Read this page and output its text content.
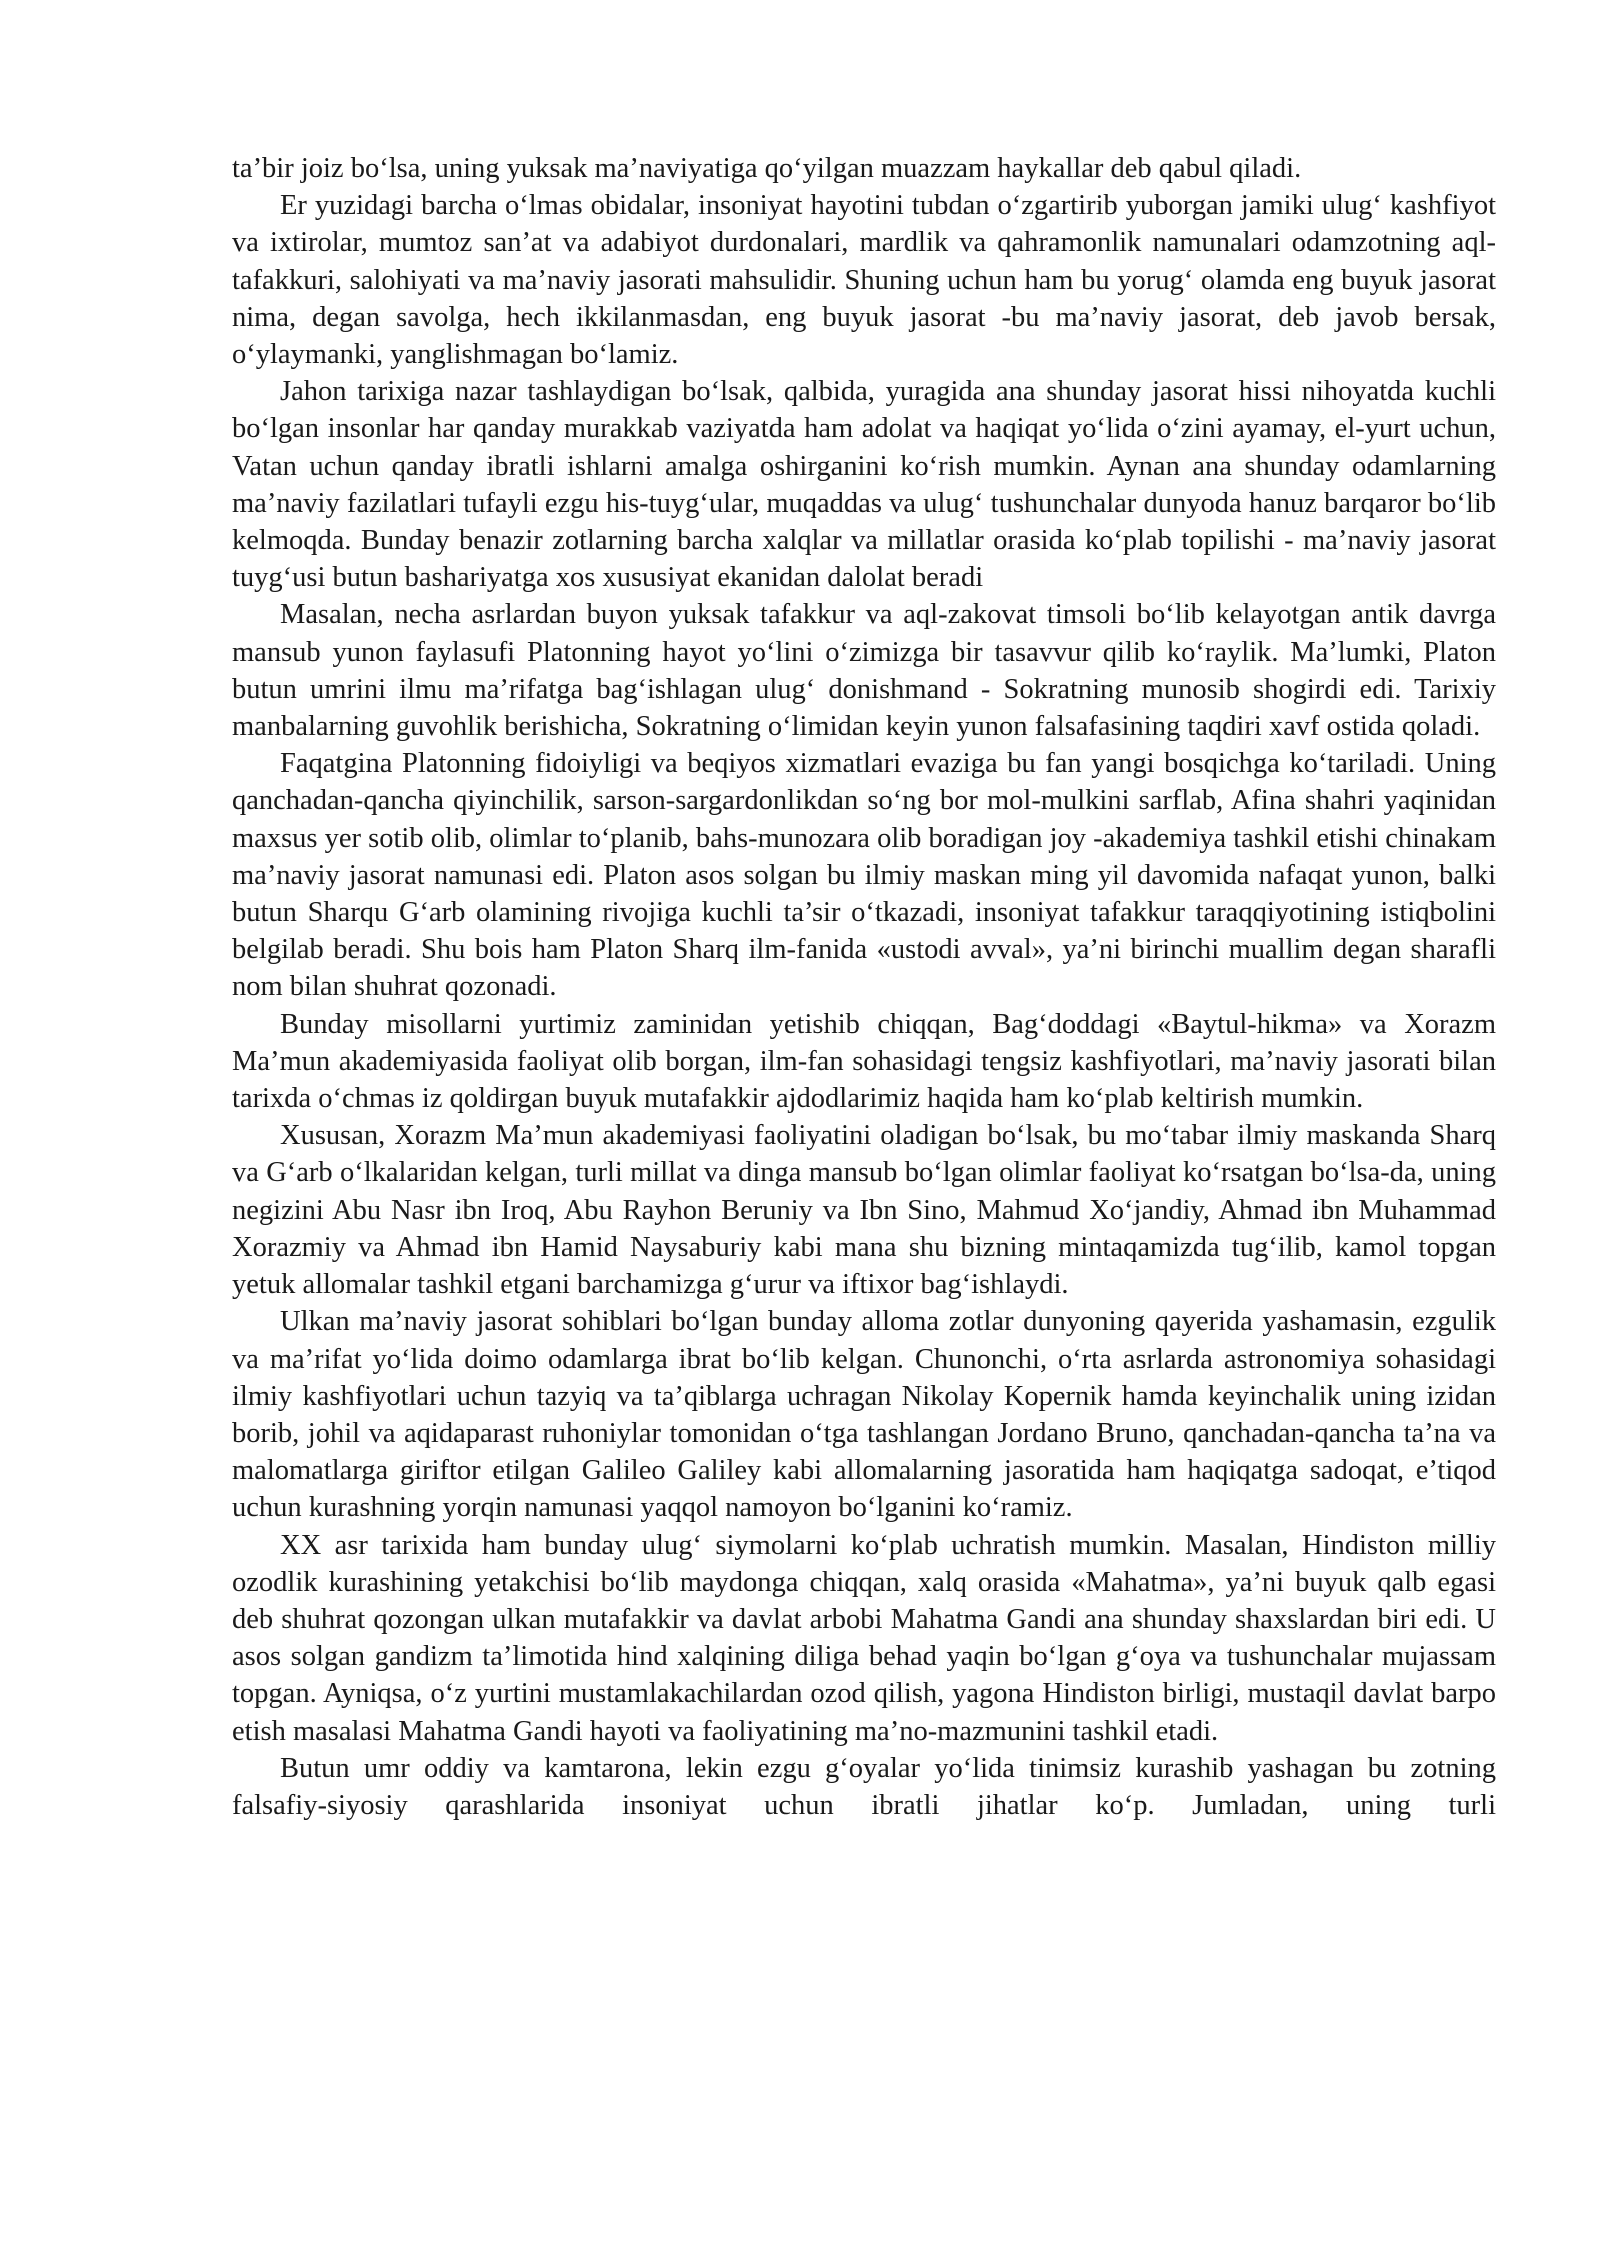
ta’bir joiz bo‘lsa, uning yuksak ma’naviyatiga qo‘yilgan muazzam haykallar deb qabul qiladi.

Er yuzidagi barcha o‘lmas obidalar, insoniyat hayotini tubdan o‘zgartirib yuborgan jamiki ulug‘ kashfiyot va ixtirolar, mumtoz san’at va adabiyot durdonalari, mardlik va qahramonlik namunalari odamzotning aql-tafakkuri, salohiyati va ma’naviy jasorati mahsulidir. Shuning uchun ham bu yorug‘ olamda eng buyuk jasorat nima, degan savolga, hech ikkilanmasdan, eng buyuk jasorat -bu ma’naviy jasorat, deb javob bersak, o‘ylaymanki, yanglishmagan bo‘lamiz.

Jahon tarixiga nazar tashlaydigan bo‘lsak, qalbida, yuragida ana shunday jasorat hissi nihoyatda kuchli bo‘lgan insonlar har qanday murakkab vaziyatda ham adolat va haqiqat yo‘lida o‘zini ayamay, el-yurt uchun, Vatan uchun qanday ibratli ishlarni amalga oshirganini ko‘rish mumkin. Aynan ana shunday odamlarning ma’naviy fazilatlari tufayli ezgu his-tuyg‘ular, muqaddas va ulug‘ tushunchalar dunyoda hanuz barqaror bo‘lib kelmoqda. Bunday benazir zotlarning barcha xalqlar va millatlar orasida ko‘plab topilishi - ma’naviy jasorat tuyg‘usi butun bashariyatga xos xususiyat ekanidan dalolat beradi

Masalan, necha asrlardan buyon yuksak tafakkur va aql-zakovat timsoli bo‘lib kelayotgan antik davrga mansub yunon faylasufi Platonning hayot yo‘lini o‘zimizga bir tasavvur qilib ko‘raylik. Ma’lumki, Platon butun umrini ilmu ma’rifatga bag‘ishlagan ulug‘ donishmand - Sokratning munosib shogirdi edi. Tarixiy manbalarning guvohlik berishicha, Sokratning o‘limidan keyin yunon falsafasining taqdiri xavf ostida qoladi.

Faqatgina Platonning fidoiyligi va beqiyos xizmatlari evaziga bu fan yangi bosqichga ko‘tariladi. Uning qanchadan-qancha qiyinchilik, sarson-sargardonlikdan so‘ng bor mol-mulkini sarflab, Afina shahri yaqinidan maxsus yer sotib olib, olimlar to‘planib, bahs-munozara olib boradigan joy -akademiya tashkil etishi chinakam ma’naviy jasorat namunasi edi. Platon asos solgan bu ilmiy maskan ming yil davomida nafaqat yunon, balki butun Sharqu G‘arb olamining rivojiga kuchli ta’sir o‘tkazadi, insoniyat tafakkur taraqqiyotining istiqbolini belgilab beradi. Shu bois ham Platon Sharq ilm-fanida «ustodi avval», ya’ni birinchi muallim degan sharafli nom bilan shuhrat qozonadi.

Bunday misollarni yurtimiz zaminidan yetishib chiqqan, Bag‘doddagi «Baytul-hikma» va Xorazm Ma’mun akademiyasida faoliyat olib borgan, ilm-fan sohasidagi tengsiz kashfiyotlari, ma’naviy jasorati bilan tarixda o‘chmas iz qoldirgan buyuk mutafakkir ajdodlarimiz haqida ham ko‘plab keltirish mumkin.

Xususan, Xorazm Ma’mun akademiyasi faoliyatini oladigan bo‘lsak, bu mo‘tabar ilmiy maskanda Sharq va G‘arb o‘lkalaridan kelgan, turli millat va dinga mansub bo‘lgan olimlar faoliyat ko‘rsatgan bo‘lsa-da, uning negizini Abu Nasr ibn Iroq, Abu Rayhon Beruniy va Ibn Sino, Mahmud Xo‘jandiy, Ahmad ibn Muhammad Xorazmiy va Ahmad ibn Hamid Naysaburiy kabi mana shu bizning mintaqamizda tug‘ilib, kamol topgan yetuk allomalar tashkil etgani barchamizga g‘urur va iftixor bag‘ishlaydi.

Ulkan ma’naviy jasorat sohiblari bo‘lgan bunday alloma zotlar dunyoning qayerida yashamasin, ezgulik va ma’rifat yo‘lida doimo odamlarga ibrat bo‘lib kelgan. Chunonchi, o‘rta asrlarda astronomiya sohasidagi ilmiy kashfiyotlari uchun tazyiq va ta’qiblarga uchragan Nikolay Kopernik hamda keyinchalik uning izidan borib, johil va aqidaparast ruhoniylar tomonidan o‘tga tashlangan Jordano Bruno, qanchadan-qancha ta’na va malomatlarga giriftor etilgan Galileo Galiley kabi allomalarning jasoratida ham haqiqatga sadoqat, e’tiqod uchun kurashning yorqin namunasi yaqqol namoyon bo‘lganini ko‘ramiz.

XX asr tarixida ham bunday ulug‘ siymolarni ko‘plab uchratish mumkin. Masalan, Hindiston milliy ozodlik kurashining yetakchisi bo‘lib maydonga chiqqan, xalq orasida «Mahatma», ya’ni buyuk qalb egasi deb shuhrat qozongan ulkan mutafakkir va davlat arbobi Mahatma Gandi ana shunday shaxslardan biri edi. U asos solgan gandizm ta’limotida hind xalqining diliga behad yaqin bo‘lgan g‘oya va tushunchalar mujassam topgan. Ayniqsa, o‘z yurtini mustamlakachilardan ozod qilish, yagona Hindiston birligi, mustaqil davlat barpo etish masalasi Mahatma Gandi hayoti va faoliyatining ma’no-mazmunini tashkil etadi.

Butun umr oddiy va kamtarona, lekin ezgu g‘oyalar yo‘lida tinimsiz kurashib yashagan bu zotning falsafiy-siyosiy qarashlarida insoniyat uchun ibratli jihatlar ko‘p. Jumladan, uning turli
